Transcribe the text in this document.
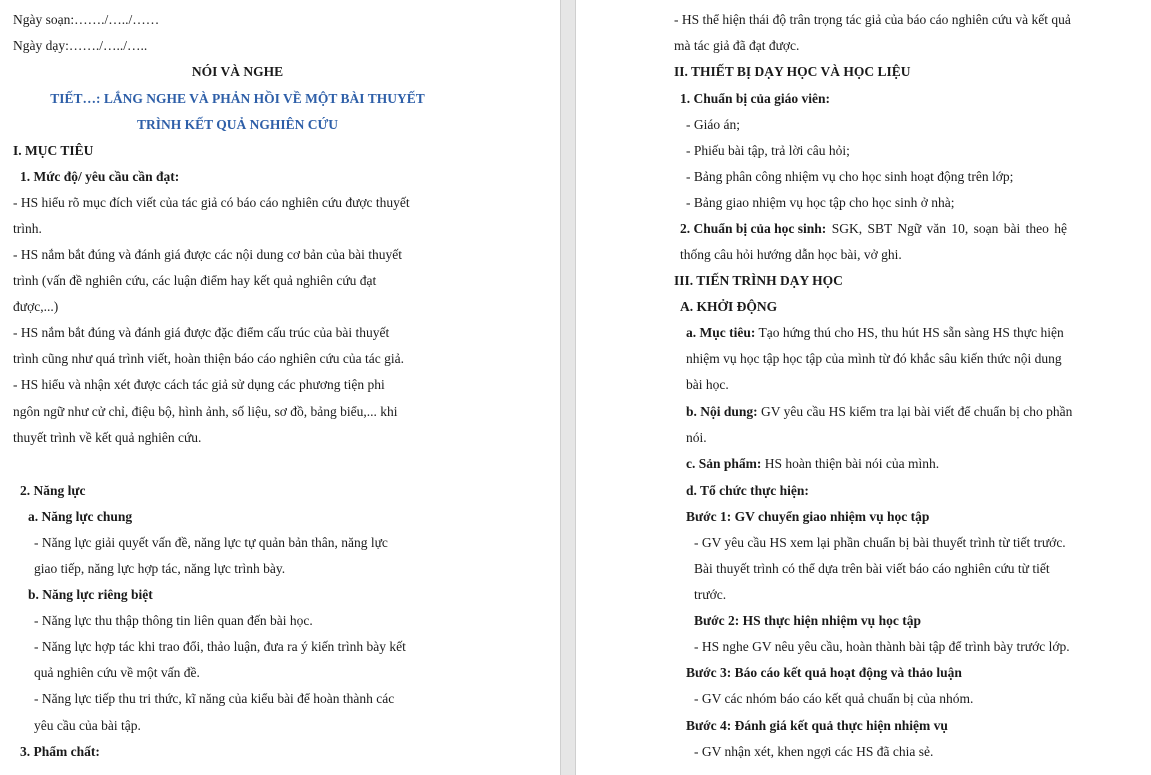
Ngày soạn:……./…../……
Ngày dạy:……./…../…..
NÓI VÀ NGHE
TIẾT…: LẮNG NGHE VÀ PHẢN HỒI VỀ MỘT BÀI THUYẾT
TRÌNH KẾT QUẢ NGHIÊN CỨU
I. MỤC TIÊU
1. Mức độ/ yêu cầu cần đạt:
- HS hiểu rõ mục đích viết của tác giả có báo cáo nghiên cứu được thuyết
trình.
- HS nắm bắt đúng và đánh giá được các nội dung cơ bản của bài thuyết
trình (vấn đề nghiên cứu, các luận điểm hay kết quả nghiên cứu đạt
được,...)
- HS nắm bắt đúng và đánh giá được đặc điểm cấu trúc của bài thuyết
trình cũng như quá trình viết, hoàn thiện báo cáo nghiên cứu của tác giả.
- HS hiểu và nhận xét được cách tác giả sử dụng các phương tiện phi
ngôn ngữ như cử chỉ, điệu bộ, hình ảnh, số liệu, sơ đồ, bảng biểu,... khi
thuyết trình về kết quả nghiên cứu.
2. Năng lực
a. Năng lực chung
- Năng lực giải quyết vấn đề, năng lực tự quản bản thân, năng lực
giao tiếp, năng lực hợp tác, năng lực trình bày.
b. Năng lực riêng biệt
- Năng lực thu thập thông tin liên quan đến bài học.
- Năng lực hợp tác khi trao đổi, thảo luận, đưa ra ý kiến trình bày kết
quả nghiên cứu về một vấn đề.
- Năng lực tiếp thu tri thức, kĩ năng của kiểu bài để hoàn thành các
yêu cầu của bài tập.
3. Phẩm chất:
- HS thể hiện thái độ trân trọng tác giả của báo cáo nghiên cứu và kết quả
mà tác giả đã đạt được.
II. THIẾT BỊ DẠY HỌC VÀ HỌC LIỆU
1. Chuẩn bị của giáo viên:
- Giáo án;
- Phiếu bài tập, trả lời câu hỏi;
- Bảng phân công nhiệm vụ cho học sinh hoạt động trên lớp;
- Bảng giao nhiệm vụ học tập cho học sinh ở nhà;
2. Chuẩn bị của học sinh: SGK, SBT Ngữ văn 10, soạn bài theo hệ
thống câu hỏi hướng dẫn học bài, vở ghi.
III. TIẾN TRÌNH DẠY HỌC
A. KHỞI ĐỘNG
a. Mục tiêu: Tạo hứng thú cho HS, thu hút HS sẵn sàng HS thực hiện
nhiệm vụ học tập học tập của mình từ đó khắc sâu kiến thức nội dung
bài học.
b. Nội dung: GV yêu cầu HS kiểm tra lại bài viết để chuẩn bị cho phần
nói.
c. Sản phẩm: HS hoàn thiện bài nói của mình.
d. Tổ chức thực hiện:
Bước 1: GV chuyển giao nhiệm vụ học tập
- GV yêu cầu HS xem lại phần chuẩn bị bài thuyết trình từ tiết trước.
Bài thuyết trình có thể dựa trên bài viết báo cáo nghiên cứu từ tiết
trước.
Bước 2: HS thực hiện nhiệm vụ học tập
- HS nghe GV nêu yêu cầu, hoàn thành bài tập để trình bày trước lớp.
Bước 3: Báo cáo kết quả hoạt động và thảo luận
- GV các nhóm báo cáo kết quả chuẩn bị của nhóm.
Bước 4: Đánh giá kết quả thực hiện nhiệm vụ
- GV nhận xét, khen ngợi các HS đã chia sẻ.
